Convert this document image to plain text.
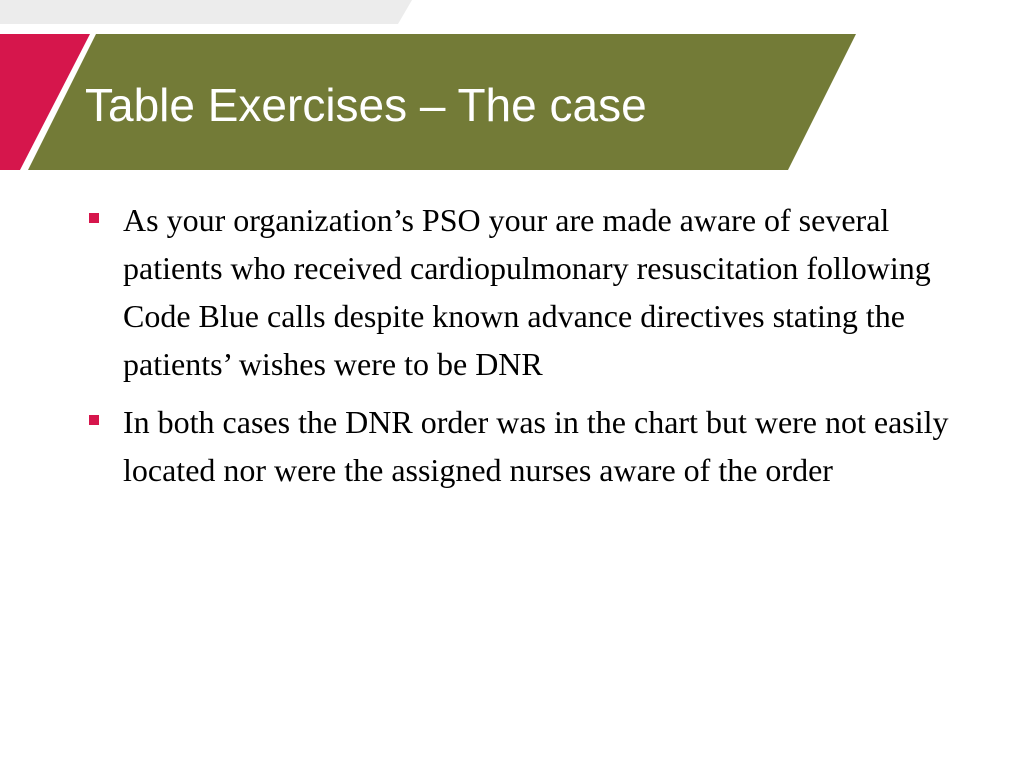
Table Exercises – The case
As your organization’s PSO your are made aware of several patients who received cardiopulmonary resuscitation following Code Blue calls despite known advance directives stating the patients’ wishes were to be DNR
In both cases the DNR order was in the chart but were not easily located nor were the assigned nurses aware of the order
